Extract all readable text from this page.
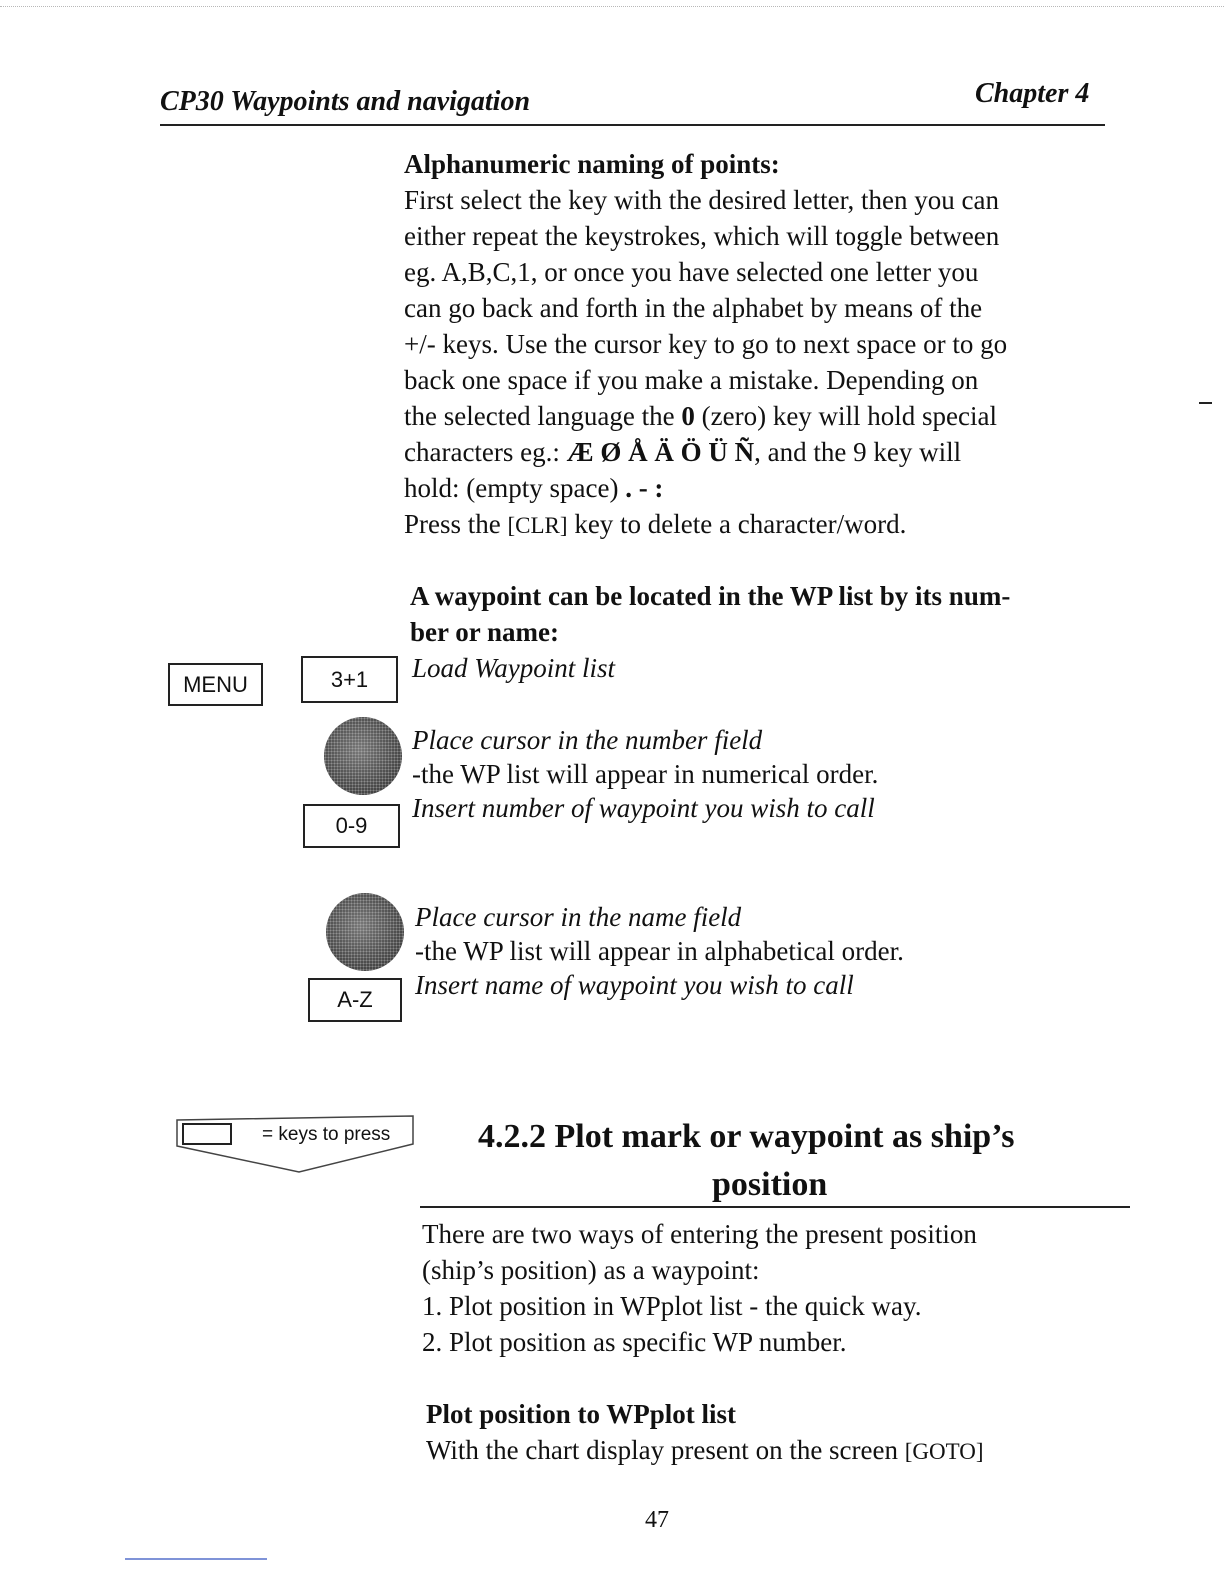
CP30 Waypoints and navigation	Chapter 4
Alphanumeric naming of points:
First select the key with the desired letter, then you can
either repeat the keystrokes, which will toggle between
eg. A,B,C,1, or once you have selected one letter you
can go back and forth in the alphabet by means of the
+/- keys. Use the cursor key to go to next space or to go
back one space if you make a mistake. Depending on
the selected language the 0 (zero) key will hold special
characters eg.: Æ Ø Å Ä Ö Ü Ñ, and the 9 key will
hold: (empty space) . - :
Press the [CLR] key to delete a character/word.
A waypoint can be located in the WP list by its num-
ber or name:
MENU	3+1	Load Waypoint list
Place cursor in the number field
-the WP list will appear in numerical order.
0-9
Insert number of waypoint you wish to call
Place cursor in the name field
-the WP list will appear in alphabetical order.
A-Z	Insert name of waypoint you wish to call
= keys to press	4.2.2 Plot mark or waypoint as ship’s
position
There are two ways of entering the present position
(ship’s position) as a waypoint:
1. Plot position in WPplot list - the quick way.
2. Plot position as specific WP number.
Plot position to WPplot list
With the chart display present on the screen [GOTO]
47
